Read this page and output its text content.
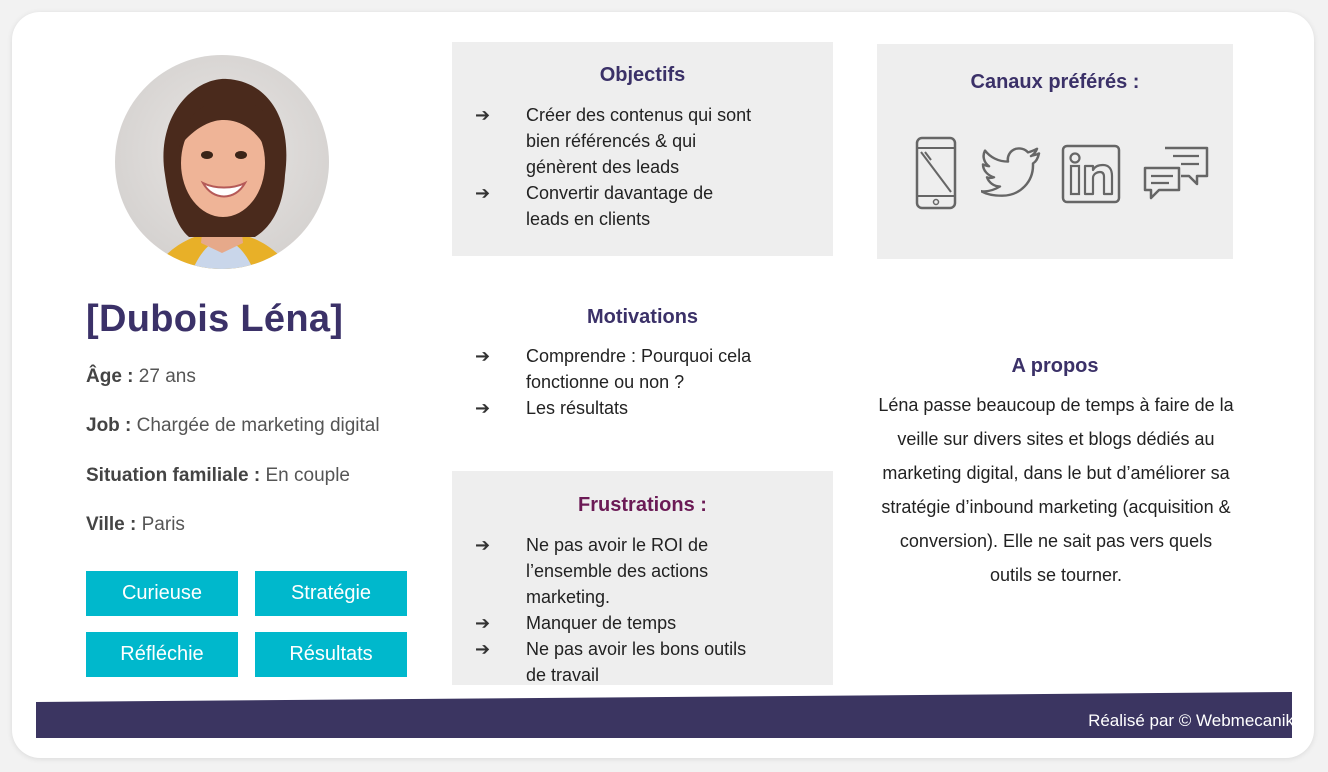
[Dubois Léna]
Âge : 27 ans
Job : Chargée de marketing digital
Situation familiale : En couple
Ville : Paris
Curieuse	Stratégie
Réfléchie	Résultats
Objectifs
➔ Créer des contenus qui sont bien référencés & qui génèrent des leads
➔ Convertir davantage de leads en clients
Motivations
➔ Comprendre : Pourquoi cela fonctionne ou non ?
➔ Les résultats
Frustrations :
➔ Ne pas avoir le ROI de l’ensemble des actions marketing.
➔ Manquer de temps
➔ Ne pas avoir les bons outils de travail
Canaux préférés :
A propos

Léna passe beaucoup de temps à faire de la veille sur divers sites et blogs dédiés au marketing digital, dans le but d’améliorer sa stratégie d’inbound marketing (acquisition & conversion). Elle ne sait pas vers quels outils se tourner.

Réalisé par © Webmecanik
